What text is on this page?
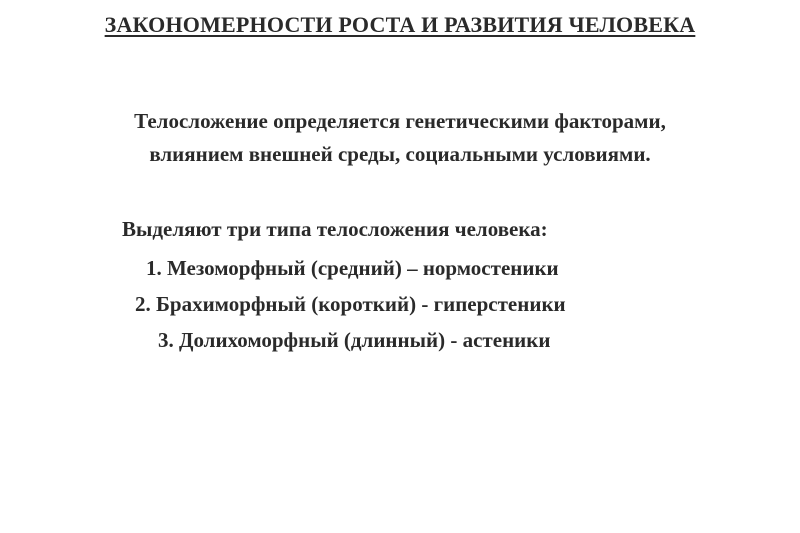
ЗАКОНОМЕРНОСТИ РОСТА И РАЗВИТИЯ ЧЕЛОВЕКА
Телосложение определяется генетическими факторами,
влиянием внешней среды, социальными условиями.
Выделяют три типа телосложения человека:
1. Мезоморфный (средний) – нормостеники
2. Брахиморфный (короткий) - гиперстеники
3. Долихоморфный (длинный) - астеники
